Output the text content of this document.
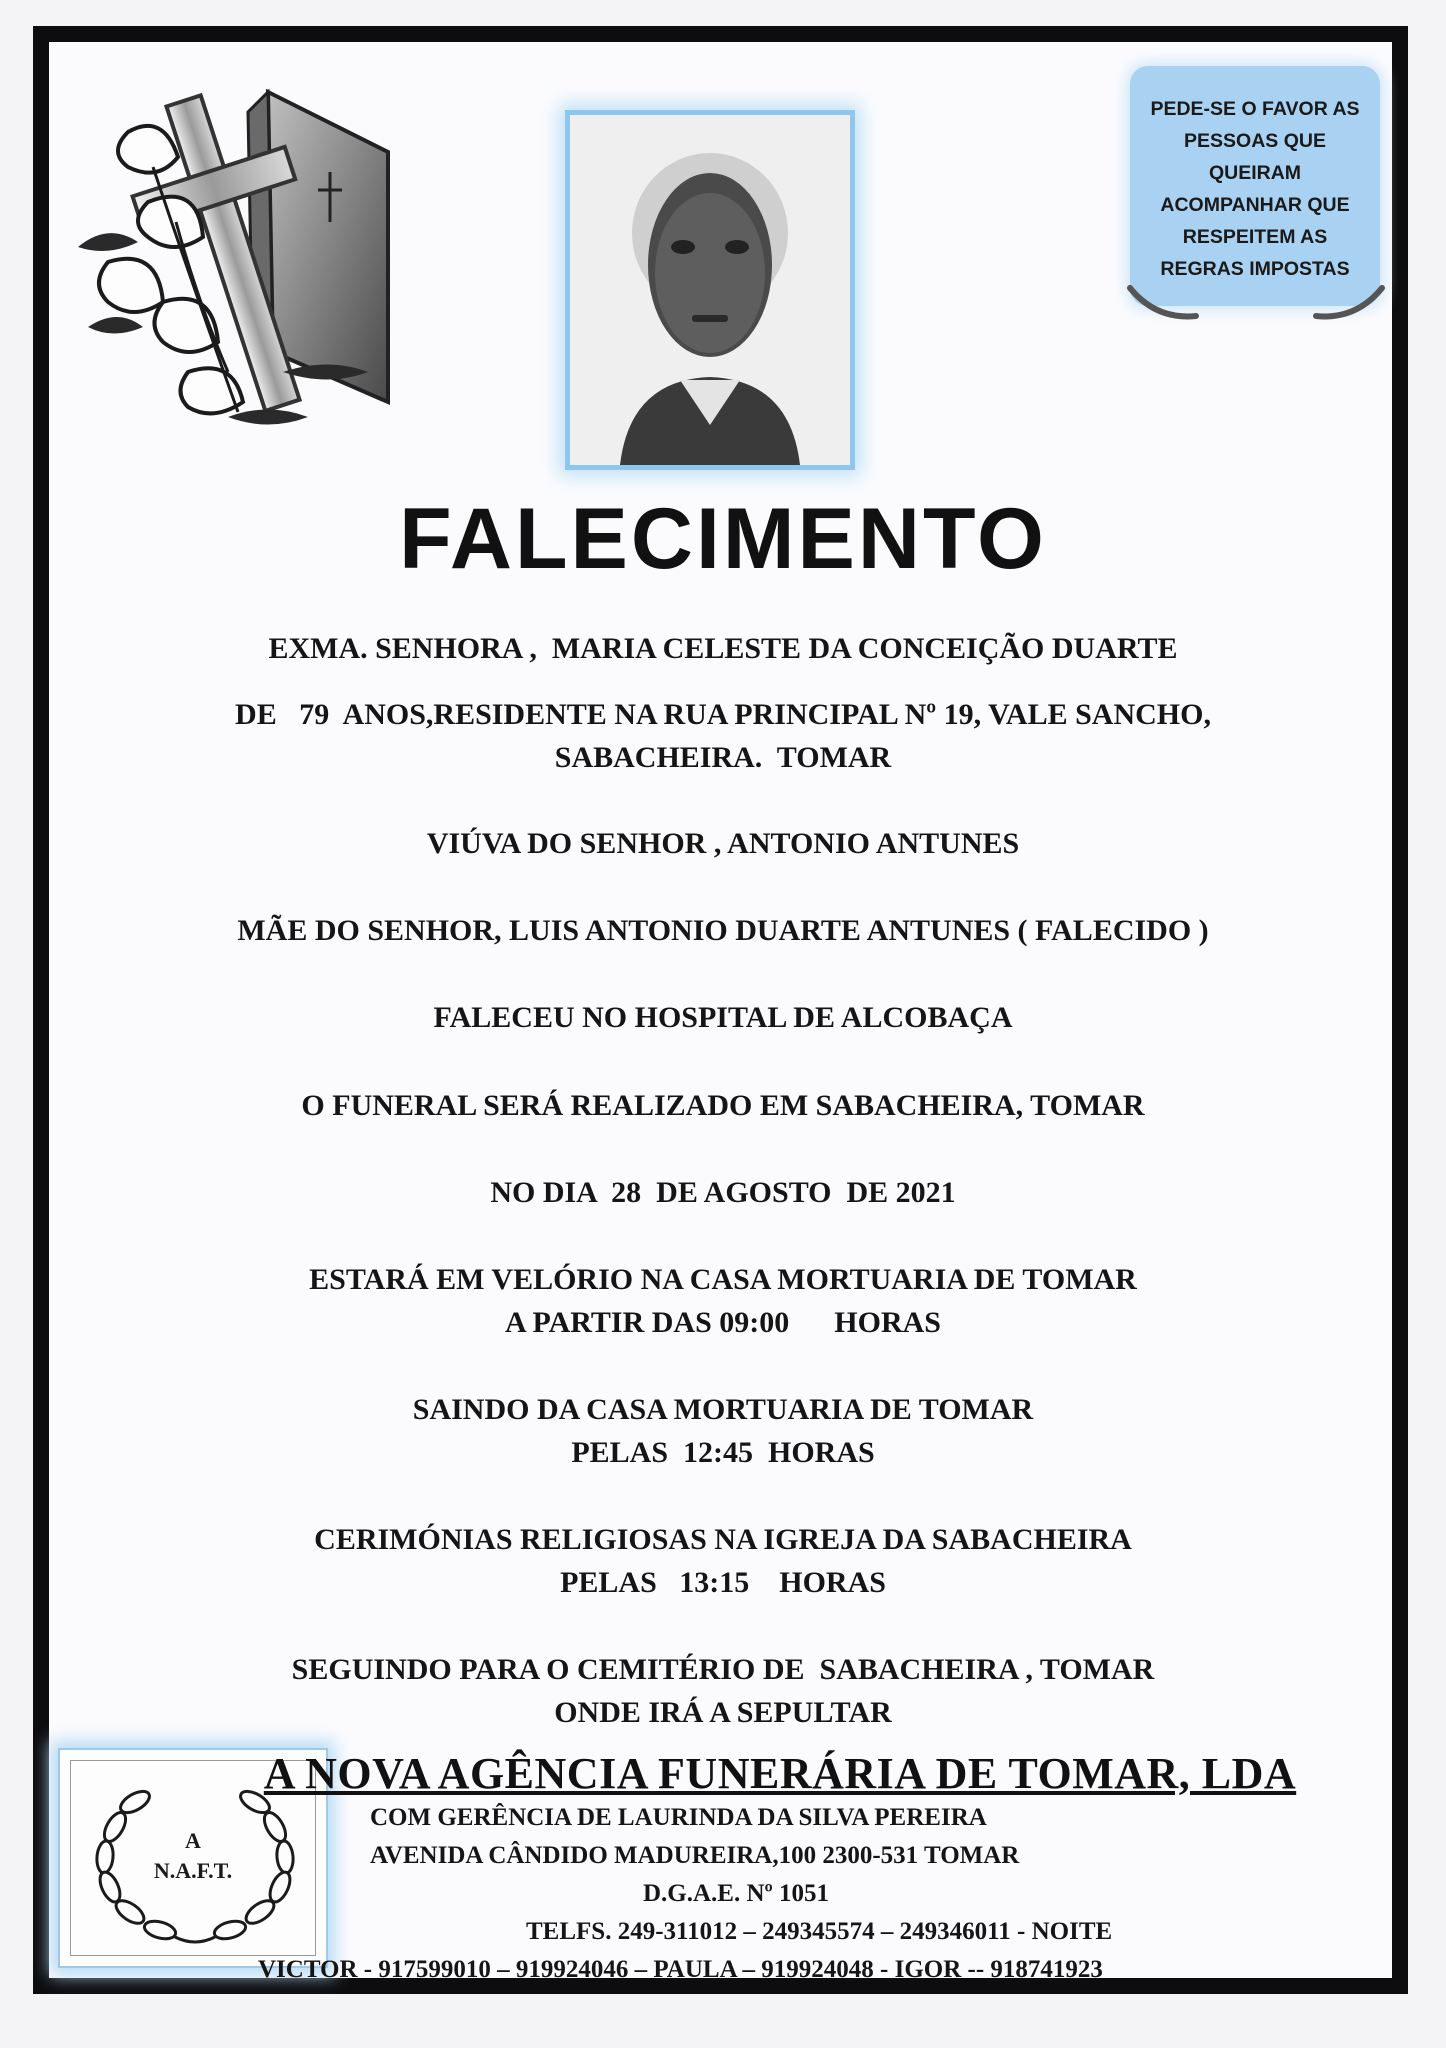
PEDE-SE O FAVOR AS
PESSOAS QUE
QUEIRAM
ACOMPANHAR QUE
RESPEITEM AS
REGRAS IMPOSTAS
FALECIMENTO
EXMA. SENHORA ,  MARIA CELESTE DA CONCEIÇÃO DUARTE
DE   79  ANOS,RESIDENTE NA RUA PRINCIPAL Nº 19, VALE SANCHO,
SABACHEIRA.  TOMAR
VIÚVA DO SENHOR , ANTONIO ANTUNES
MÃE DO SENHOR, LUIS ANTONIO DUARTE ANTUNES ( FALECIDO )
FALECEU NO HOSPITAL DE ALCOBAÇA
O FUNERAL SERÁ REALIZADO EM SABACHEIRA, TOMAR
NO DIA  28  DE AGOSTO  DE 2021
ESTARÁ EM VELÓRIO NA CASA MORTUARIA DE TOMAR
A PARTIR DAS 09:00      HORAS
SAINDO DA CASA MORTUARIA DE TOMAR
PELAS  12:45  HORAS
CERIMÓNIAS RELIGIOSAS NA IGREJA DA SABACHEIRA
PELAS   13:15    HORAS
SEGUINDO PARA O CEMITÉRIO DE  SABACHEIRA , TOMAR
ONDE IRÁ A SEPULTAR
A
N.A.F.T.
A NOVA AGÊNCIA FUNERÁRIA DE TOMAR, LDA
COM GERÊNCIA DE LAURINDA DA SILVA PEREIRA
AVENIDA CÂNDIDO MADUREIRA,100 2300-531 TOMAR
D.G.A.E. Nº 1051
TELFS. 249-311012 – 249345574 – 249346011 - NOITE
VICTOR - 917599010 – 919924046 – PAULA – 919924048 - IGOR -- 918741923
